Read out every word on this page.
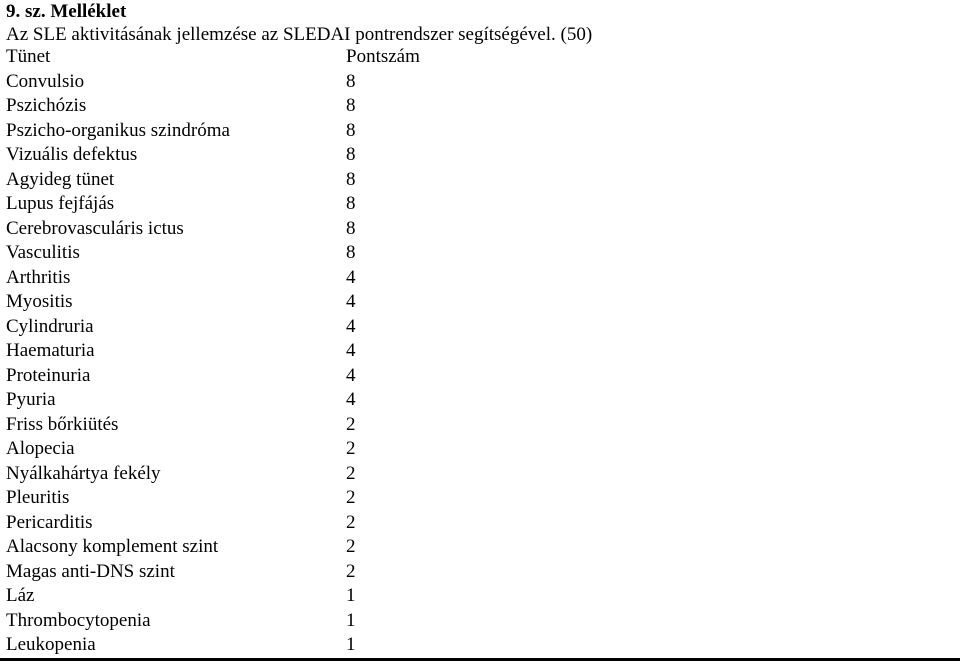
9. sz. Melléklet

Az SLE aktivitásának jellemzése az SLEDAI pontrendszer segítségével. (50)

Tünet	Pontszám
Convulsio	8
Pszichózis	8
Pszicho-organikus szindróma	8
Vizuális defektus	8
Agyideg tünet	8
Lupus fejfájás	8
Cerebrovasculáris ictus	8
Vasculitis	8
Arthritis	4
Myositis	4
Cylindruria	4
Haematuria	4
Proteinuria	4
Pyuria	4
Friss bőrkiütés	2
Alopecia	2
Nyálkahártya fekély	2
Pleuritis	2
Pericarditis	2
Alacsony komplement szint	2
Magas anti-DNS szint	2
Láz	1
Thrombocytopenia	1
Leukopenia	1
